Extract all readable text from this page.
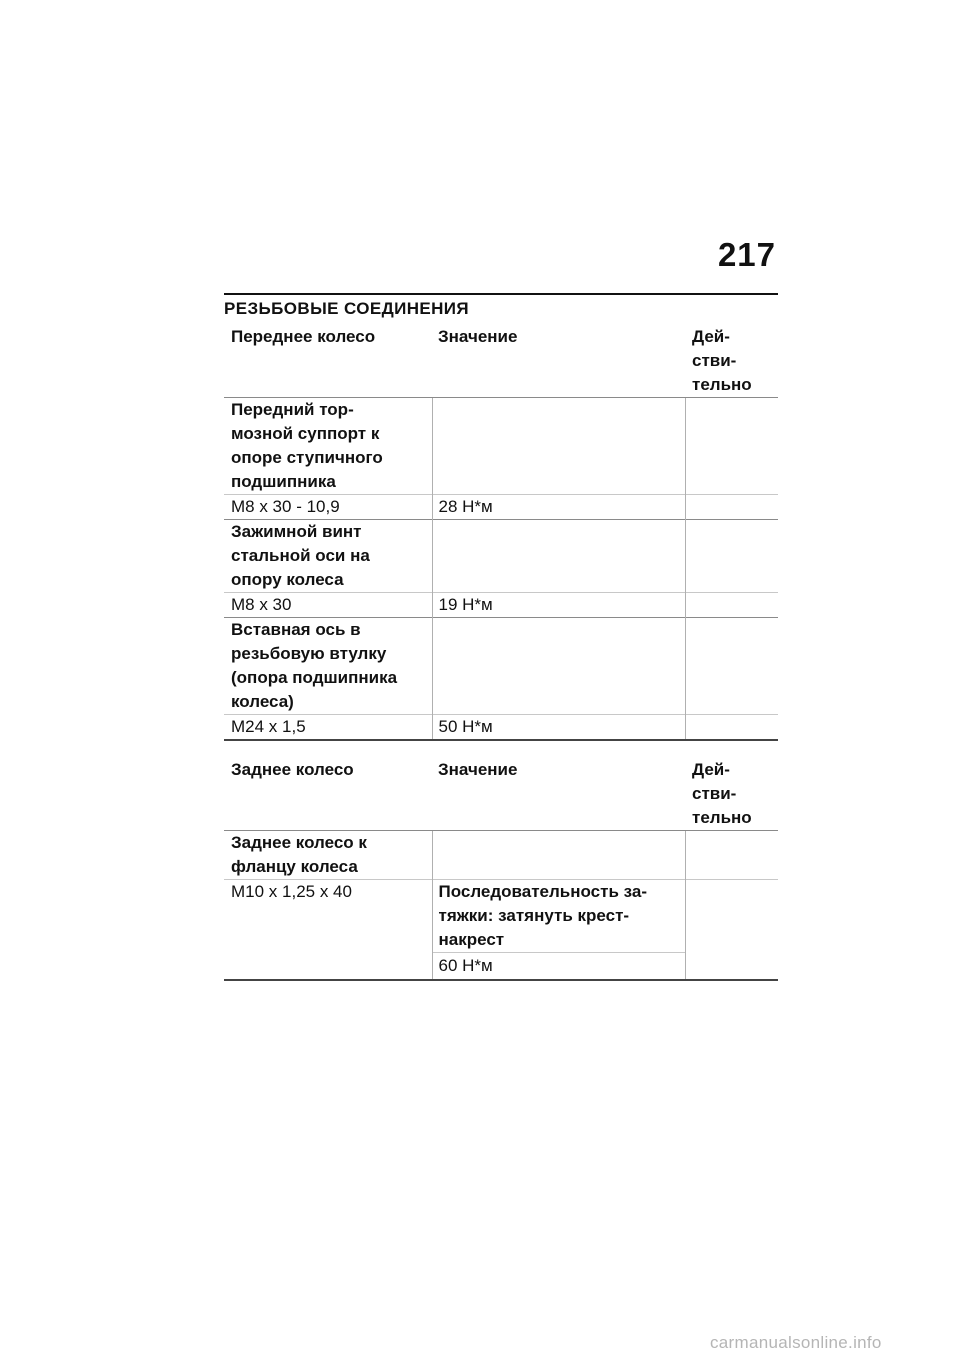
217
РЕЗЬБОВЫЕ СОЕДИНЕНИЯ
Переднее колесо	Значение	Дей-
стви-
тельно
Передний тор-
мозной суппорт к
опоре ступичного
подшипника		
M8 x 30 - 10,9	28 Н*м	
Зажимной винт
стальной оси на
опору колеса		
M8 x 30	19 Н*м	
Вставная ось в
резьбовую втулку
(опора подшипника
колеса)		
M24 x 1,5	50 Н*м	
Заднее колесо	Значение	Дей-
стви-
тельно
Заднее колесо к
фланцу колеса		
M10 x 1,25 x 40	Последовательность за-
тяжки: затянуть крест-
накрест	
	60 Н*м	
carmanualsonline.info
